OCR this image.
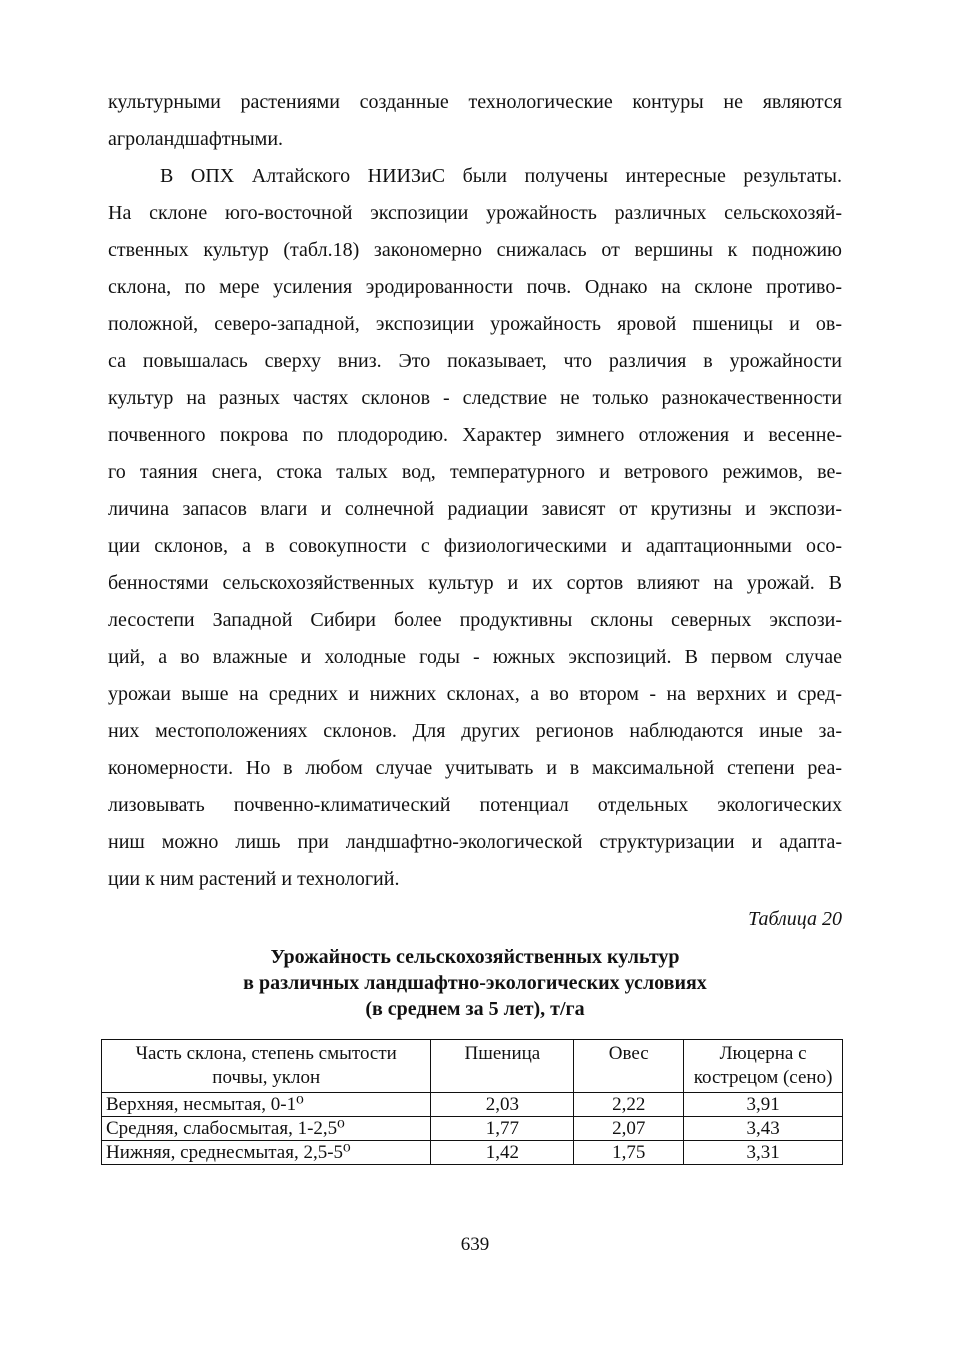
культурными растениями созданные технологические контуры не являются
агроландшафтными.
В ОПХ Алтайского НИИЗиС были получены интересные результаты.
На склоне юго-восточной экспозиции урожайность различных сельскохозяй-
ственных культур (табл.18) закономерно снижалась от вершины к подножию
склона, по мере усиления эродированности почв. Однако на склоне противо-
положной, северо-западной, экспозиции урожайность яровой пшеницы и ов-
са повышалась сверху вниз. Это показывает, что различия в урожайности
культур на разных частях склонов - следствие не только разнокачественности
почвенного покрова по плодородию. Характер зимнего отложения и весенне-
го таяния снега, стока талых вод, температурного и ветрового режимов, ве-
личина запасов влаги и солнечной радиации зависят от крутизны и экспози-
ции склонов, а в совокупности с физиологическими и адаптационными осо-
бенностями сельскохозяйственных культур и их сортов влияют на урожай. В
лесостепи Западной Сибири более продуктивны склоны северных экспози-
ций, а во влажные и холодные годы - южных экспозиций. В первом случае
урожаи выше на средних и нижних склонах, а во втором - на верхних и сред-
них местоположениях склонов. Для других регионов наблюдаются иные за-
кономерности. Но в любом случае учитывать и в максимальной степени реа-
лизовывать почвенно-климатический потенциал отдельных экологических
ниш можно лишь при ландшафтно-экологической структуризации и адапта-
ции к ним растений и технологий.
Таблица 20
Урожайность сельскохозяйственных культур
в различных ландшафтно-экологических условиях
(в среднем за 5 лет), т/га
Часть склона, степень смытости почвы, уклон	Пшеница	Овес	Люцерна с кострецом (сено)
Верхняя, несмытая, 0-1⁰	2,03	2,22	3,91
Средняя, слабосмытая, 1-2,5⁰	1,77	2,07	3,43
Нижняя, среднесмытая, 2,5-5⁰	1,42	1,75	3,31
639
